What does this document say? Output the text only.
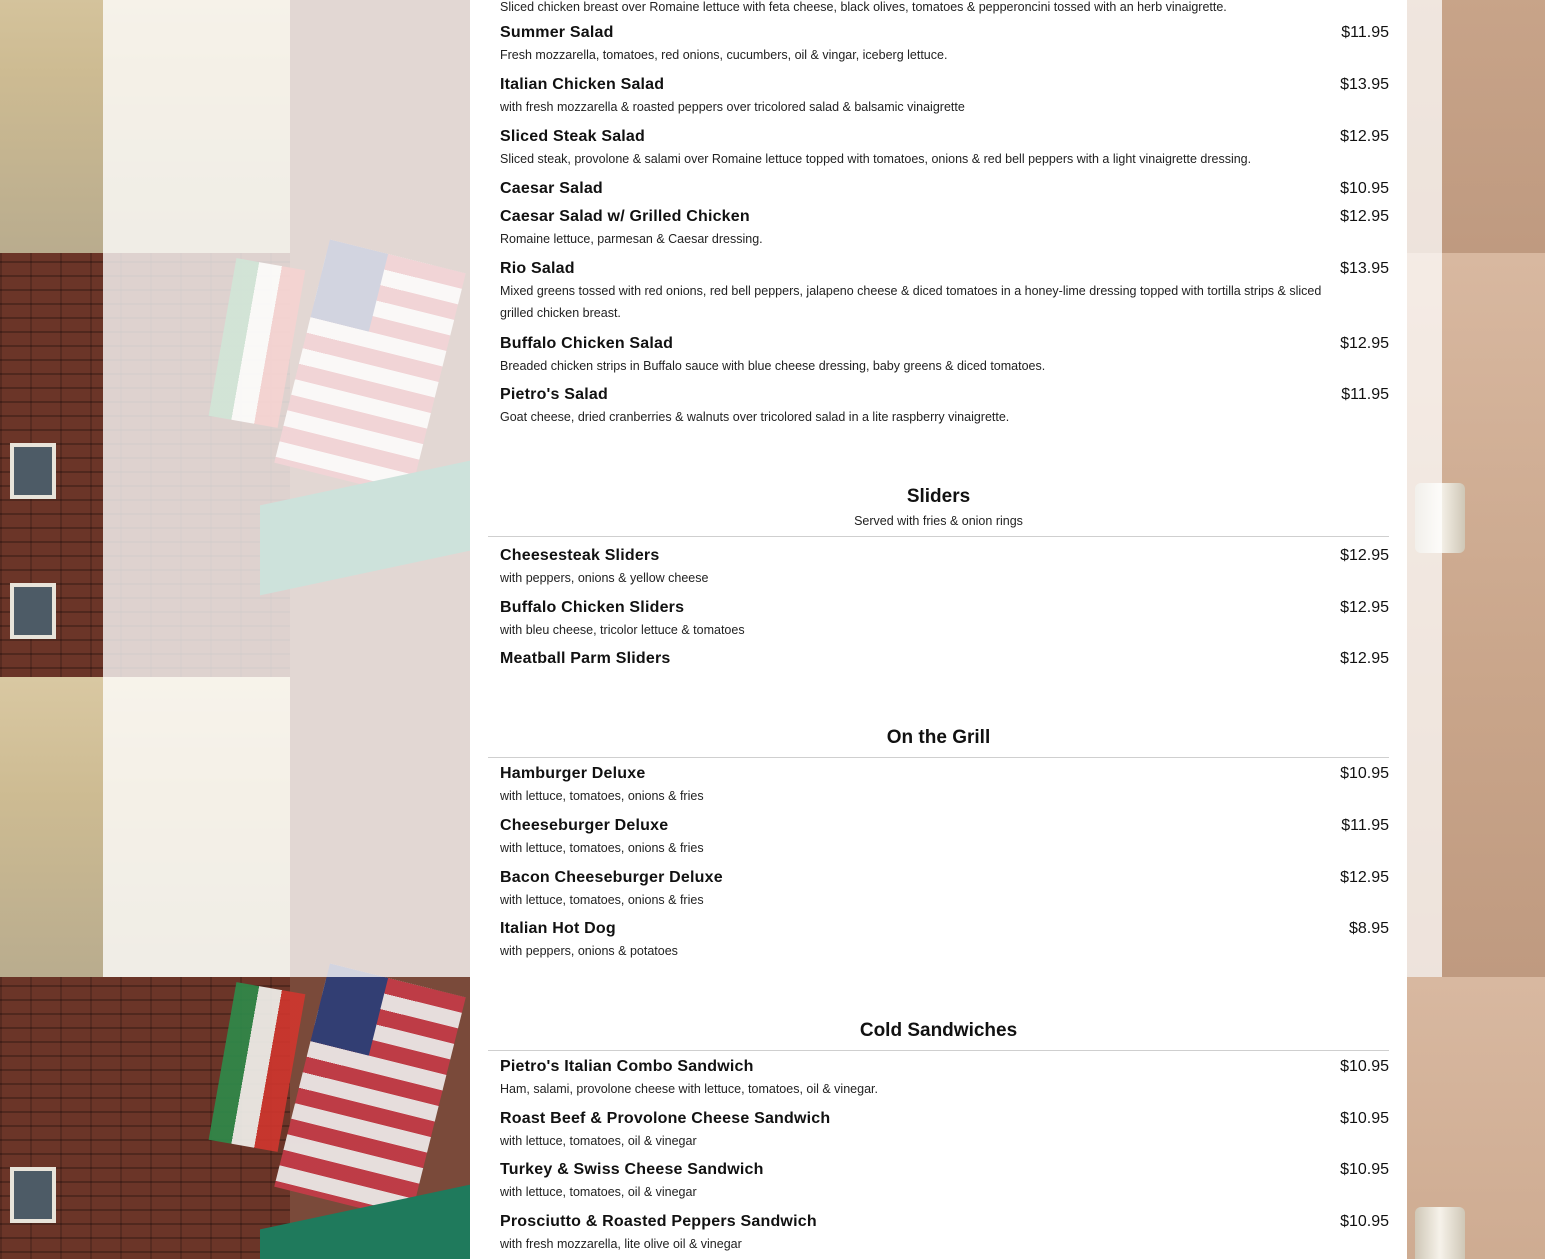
Sliced chicken breast over Romaine lettuce with feta cheese, black olives, tomatoes & pepperoncini tossed with an herb vinaigrette.
Summer Salad	$11.95
Fresh mozzarella, tomatoes, red onions, cucumbers, oil & vingar, iceberg lettuce.
Italian Chicken Salad	$13.95
with fresh mozzarella & roasted peppers over tricolored salad & balsamic vinaigrette
Sliced Steak Salad	$12.95
Sliced steak, provolone & salami over Romaine lettuce topped with tomatoes, onions & red bell peppers with a light vinaigrette dressing.
Caesar Salad	$10.95
Caesar Salad w/ Grilled Chicken	$12.95
Romaine lettuce, parmesan & Caesar dressing.
Rio Salad	$13.95
Mixed greens tossed with red onions, red bell peppers, jalapeno cheese & diced tomatoes in a honey-lime dressing topped with tortilla strips & sliced grilled chicken breast.
Buffalo Chicken Salad	$12.95
Breaded chicken strips in Buffalo sauce with blue cheese dressing, baby greens & diced tomatoes.
Pietro's Salad	$11.95
Goat cheese, dried cranberries & walnuts over tricolored salad in a lite raspberry vinaigrette.
Sliders
Served with fries & onion rings
Cheesesteak Sliders	$12.95
with peppers, onions & yellow cheese
Buffalo Chicken Sliders	$12.95
with bleu cheese, tricolor lettuce & tomatoes
Meatball Parm Sliders	$12.95
On the Grill
Hamburger Deluxe	$10.95
with lettuce, tomatoes, onions & fries
Cheeseburger Deluxe	$11.95
with lettuce, tomatoes, onions & fries
Bacon Cheeseburger Deluxe	$12.95
with lettuce, tomatoes, onions & fries
Italian Hot Dog	$8.95
with peppers, onions & potatoes
Cold Sandwiches
Pietro's Italian Combo Sandwich	$10.95
Ham, salami, provolone cheese with lettuce, tomatoes, oil & vinegar.
Roast Beef & Provolone Cheese Sandwich	$10.95
with lettuce, tomatoes, oil & vinegar
Turkey & Swiss Cheese Sandwich	$10.95
with lettuce, tomatoes, oil & vinegar
Prosciutto & Roasted Peppers Sandwich	$10.95
with fresh mozzarella, lite olive oil & vinegar
